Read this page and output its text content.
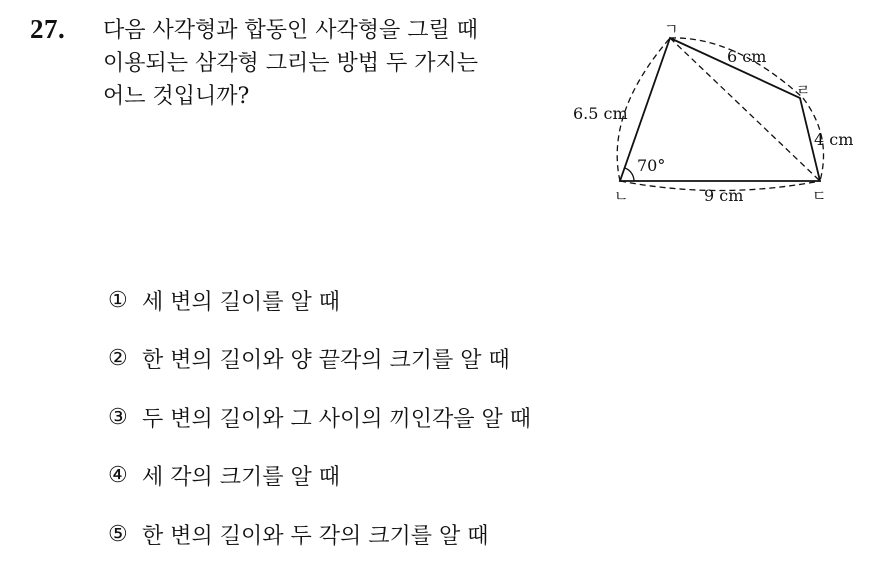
27. 다음 사각형과 합동인 사각형을 그릴 때
이용되는 삼각형 그리는 방법 두 가지는
어느 것입니까?
ㄱ
ㄹ
ㄴ	ㄷ
6 cm
4 cm
6.5 cm
9 cm
70°
① 세 변의 길이를 알 때
② 한 변의 길이와 양 끝각의 크기를 알 때
③ 두 변의 길이와 그 사이의 끼인각을 알 때
④ 세 각의 크기를 알 때
⑤ 한 변의 길이와 두 각의 크기를 알 때
